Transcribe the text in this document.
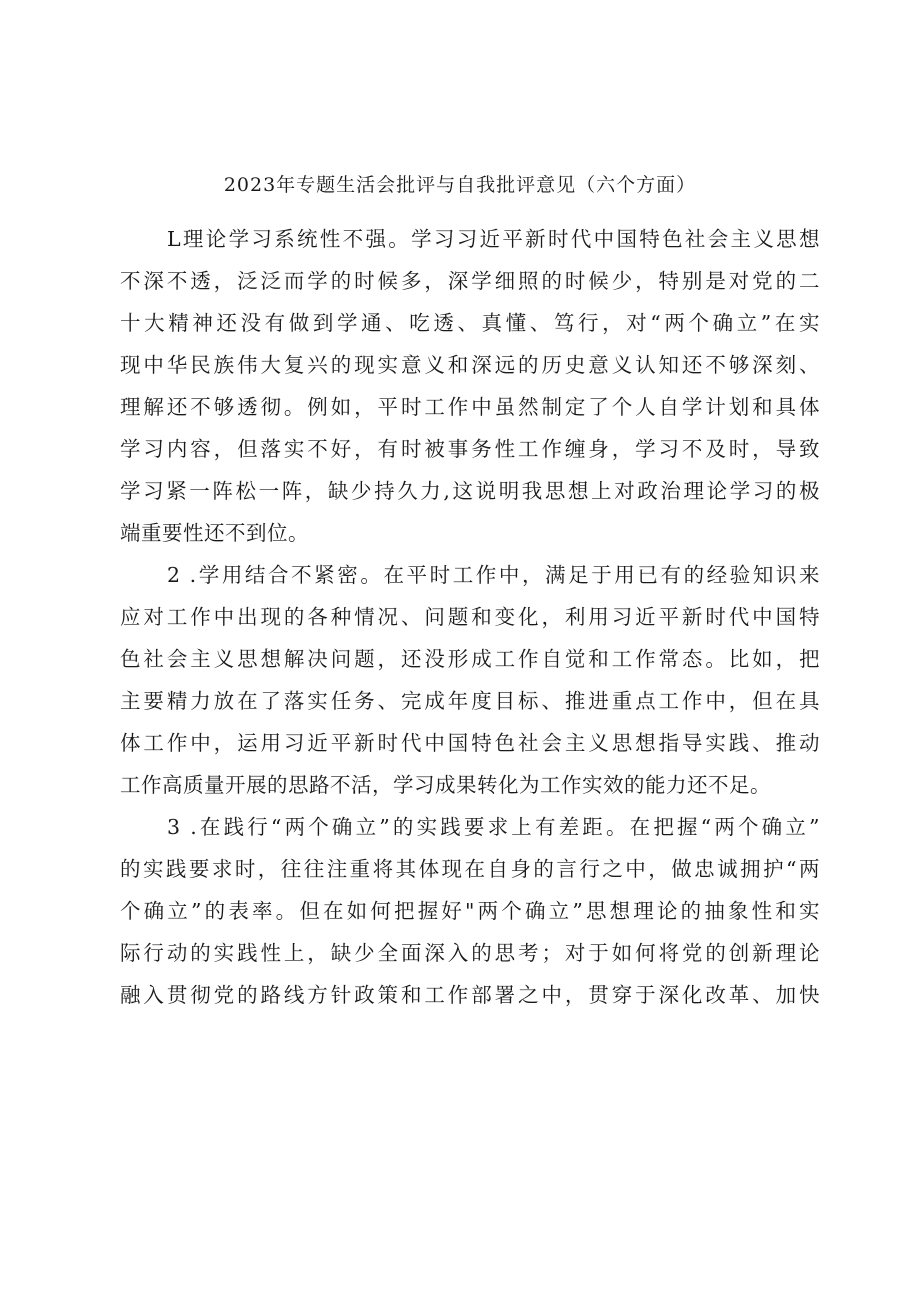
2023年专题生活会批评与自我批评意见（六个方面）
L理论学习系统性不强。学习习近平新时代中国特色社会主义思想
不深不透，泛泛而学的时候多，深学细照的时候少，特别是对党的二
十大精神还没有做到学通、吃透、真懂、笃行，对“两个确立”在实
现中华民族伟大复兴的现实意义和深远的历史意义认知还不够深刻、
理解还不够透彻。例如，平时工作中虽然制定了个人自学计划和具体
学习内容，但落实不好，有时被事务性工作缠身，学习不及时，导致
学习紧一阵松一阵，缺少持久力,这说明我思想上对政治理论学习的极
端重要性还不到位。
2 .学用结合不紧密。在平时工作中，满足于用已有的经验知识来
应对工作中出现的各种情况、问题和变化，利用习近平新时代中国特
色社会主义思想解决问题，还没形成工作自觉和工作常态。比如，把
主要精力放在了落实任务、完成年度目标、推进重点工作中，但在具
体工作中，运用习近平新时代中国特色社会主义思想指导实践、推动
工作高质量开展的思路不活，学习成果转化为工作实效的能力还不足。
3 .在践行“两个确立”的实践要求上有差距。在把握“两个确立”
的实践要求时，往往注重将其体现在自身的言行之中，做忠诚拥护“两
个确立”的表率。但在如何把握好"两个确立”思想理论的抽象性和实
际行动的实践性上，缺少全面深入的思考；对于如何将党的创新理论
融入贯彻党的路线方针政策和工作部署之中，贯穿于深化改革、加快
